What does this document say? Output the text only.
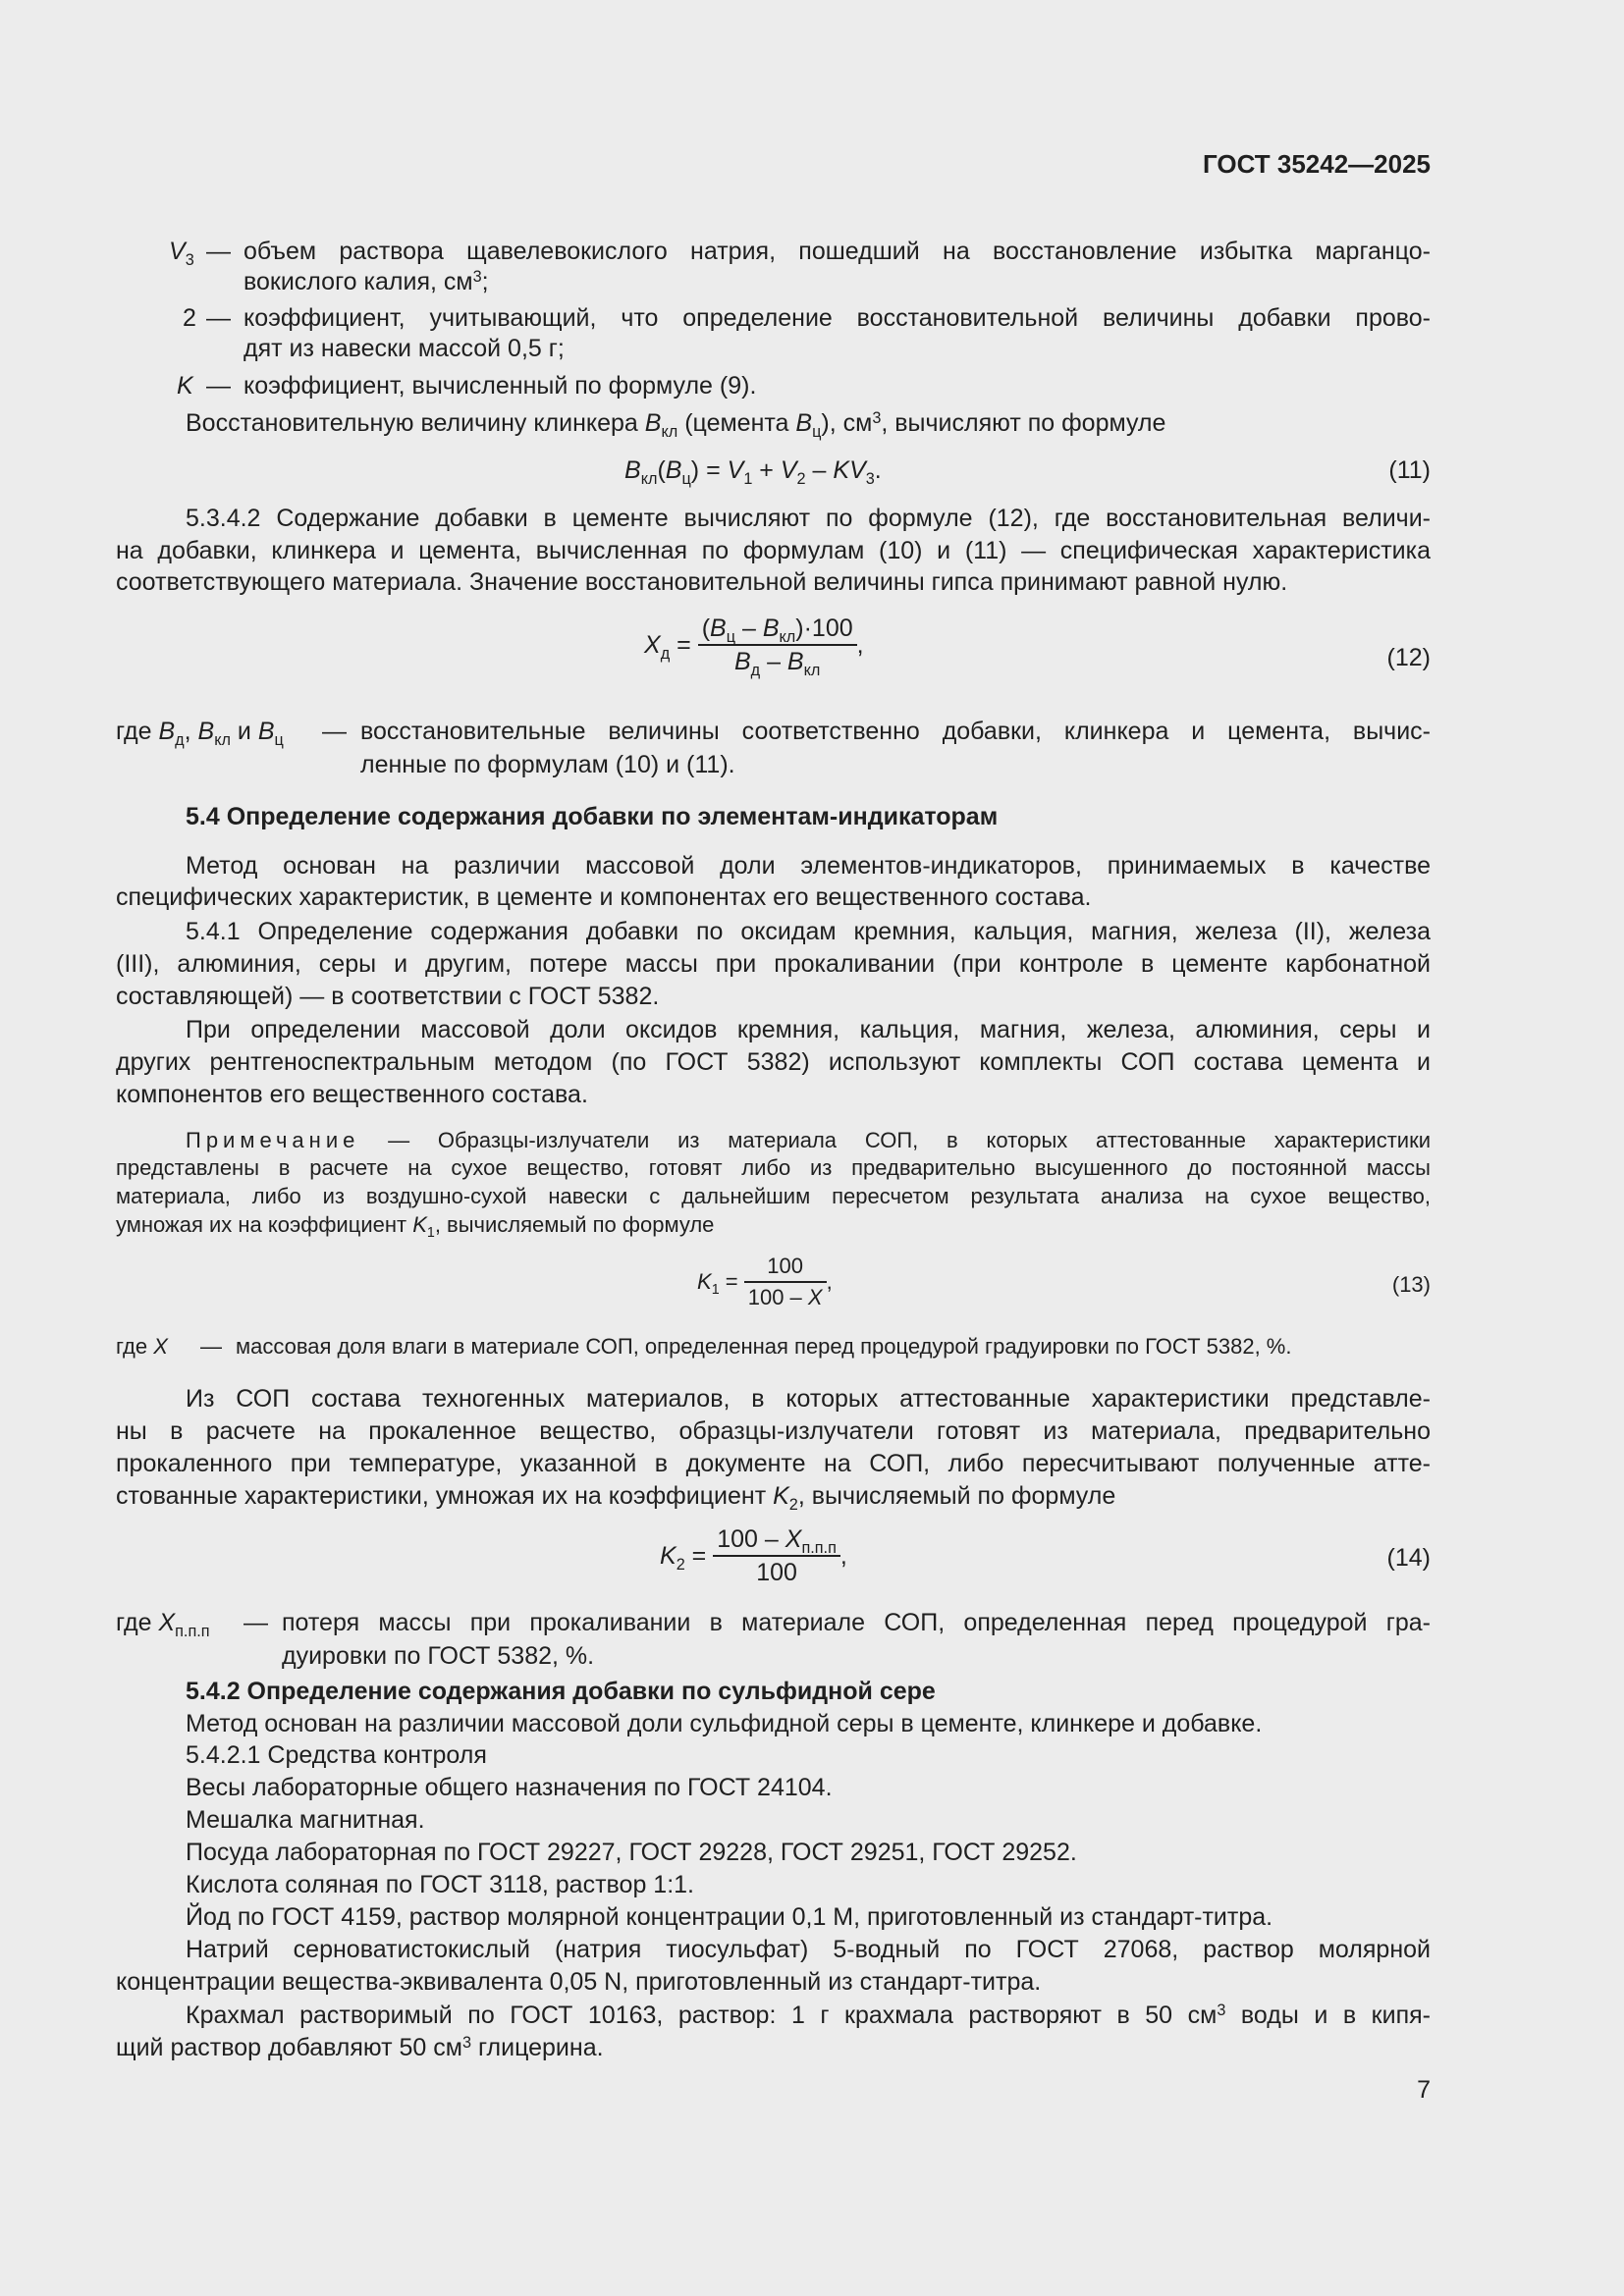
ГОСТ 35242—2025
$V_3$ — объем раствора щавелевокислого натрия, пошедший на восстановление избытка марганцо-
вокислого калия, $см^3$;
2 — коэффициент, учитывающий, что определение восстановительной величины добавки прово-
дят из навески массой 0,5 г;
K — коэффициент, вычисленный по формуле (9).
Восстановительную величину клинкера $B_{кл}$ (цемента $B_ц$), $см^3$, вычисляют по формуле
$B_{кл}(B_ц) = V_1 + V_2 - KV_3$.	(11)
5.3.4.2 Содержание добавки в цементе вычисляют по формуле (12), где восстановительная величи-
на добавки, клинкера и цемента, вычисленная по формулам (10) и (11) — специфическая характеристика
соответствующего материала. Значение восстановительной величины гипса принимают равной нулю.
$X_д = \frac{(B_ц - B_{кл})\cdot 100}{B_д - B_{кл}}$ ,	(12)
где $B_д$, $B_{кл}$ и $B_ц$ — восстановительные величины соответственно добавки, клинкера и цемента, вычис-
ленные по формулам (10) и (11).
5.4 Определение содержания добавки по элементам-индикаторам
Метод основан на различии массовой доли элементов-индикаторов, принимаемых в качестве
специфических характеристик, в цементе и компонентах его вещественного состава.
5.4.1 Определение содержания добавки по оксидам кремния, кальция, магния, железа (II), железа
(III), алюминия, серы и другим, потере массы при прокаливании (при контроле в цементе карбонатной
составляющей) — в соответствии с ГОСТ 5382.
При определении массовой доли оксидов кремния, кальция, магния, железа, алюминия, серы и
других рентгеноспектральным методом (по ГОСТ 5382) используют комплекты СОП состава цемента и
компонентов его вещественного состава.
Примечание — Образцы-излучатели из материала СОП, в которых аттестованные характеристики
представлены в расчете на сухое вещество, готовят либо из предварительно высушенного до постоянной массы
материала, либо из воздушно-сухой навески с дальнейшим пересчетом результата анализа на сухое вещество,
умножая их на коэффициент $K_1$, вычисляемый по формуле
$K_1 = \frac{100}{100 - X}$ ,	(13)
где X — массовая доля влаги в материале СОП, определенная перед процедурой градуировки по ГОСТ 5382, %.
Из СОП состава техногенных материалов, в которых аттестованные характеристики представле-
ны в расчете на прокаленное вещество, образцы-излучатели готовят из материала, предварительно
прокаленного при температуре, указанной в документе на СОП, либо пересчитывают полученные атте-
стованные характеристики, умножая их на коэффициент $K_2$, вычисляемый по формуле
$K_2 = \frac{100 - X_{п.п.п}}{100}$ ,	(14)
где $X_{п.п.п}$ — потеря массы при прокаливании в материале СОП, определенная перед процедурой гра-
дуировки по ГОСТ 5382, %.
5.4.2 Определение содержания добавки по сульфидной сере
Метод основан на различии массовой доли сульфидной серы в цементе, клинкере и добавке.
5.4.2.1 Средства контроля
Весы лабораторные общего назначения по ГОСТ 24104.
Мешалка магнитная.
Посуда лабораторная по ГОСТ 29227, ГОСТ 29228, ГОСТ 29251, ГОСТ 29252.
Кислота соляная по ГОСТ 3118, раствор 1:1.
Йод по ГОСТ 4159, раствор молярной концентрации 0,1 М, приготовленный из стандарт-титра.
Натрий серноватистокислый (натрия тиосульфат) 5-водный по ГОСТ 27068, раствор молярной
концентрации вещества-эквивалента 0,05 N, приготовленный из стандарт-титра.
Крахмал растворимый по ГОСТ 10163, раствор: 1 г крахмала растворяют в 50 $см^3$ воды и в кипя-
щий раствор добавляют 50 $см^3$ глицерина.
7
